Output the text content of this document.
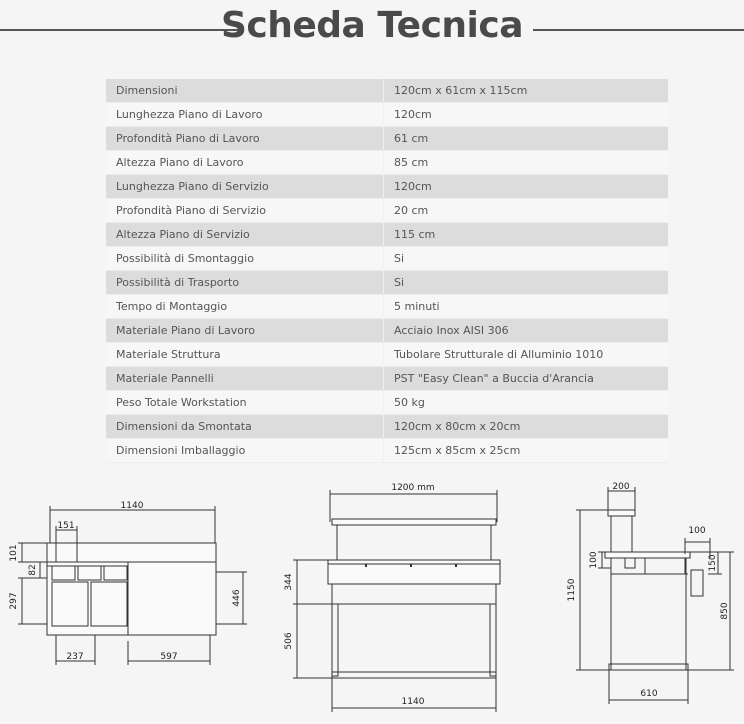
Scheda Tecnica
Dimensioni	120cm x 61cm x 115cm
Lunghezza Piano di Lavoro	120cm
Profondità Piano di Lavoro	61 cm
Altezza Piano di Lavoro	85 cm
Lunghezza Piano di Servizio	120cm
Profondità Piano di Servizio	20 cm
Altezza Piano di Servizio	115 cm
Possibilità di Smontaggio	Si
Possibilità di Trasporto	Si
Tempo di Montaggio	5 minuti
Materiale Piano di Lavoro	Acciaio Inox AISI 306
Materiale Struttura	Tubolare Strutturale di Alluminio 1010
Materiale Pannelli	PST "Easy Clean" a Buccia d'Arancia
Peso Totale Workstation	50 kg
Dimensioni da Smontata	120cm x 80cm x 20cm
Dimensioni Imballaggio	125cm x 85cm x 25cm
1140
151
101
82
297	446
237	597
1200 mm
344
506
1140
200
100
1150
100	150
850
610
